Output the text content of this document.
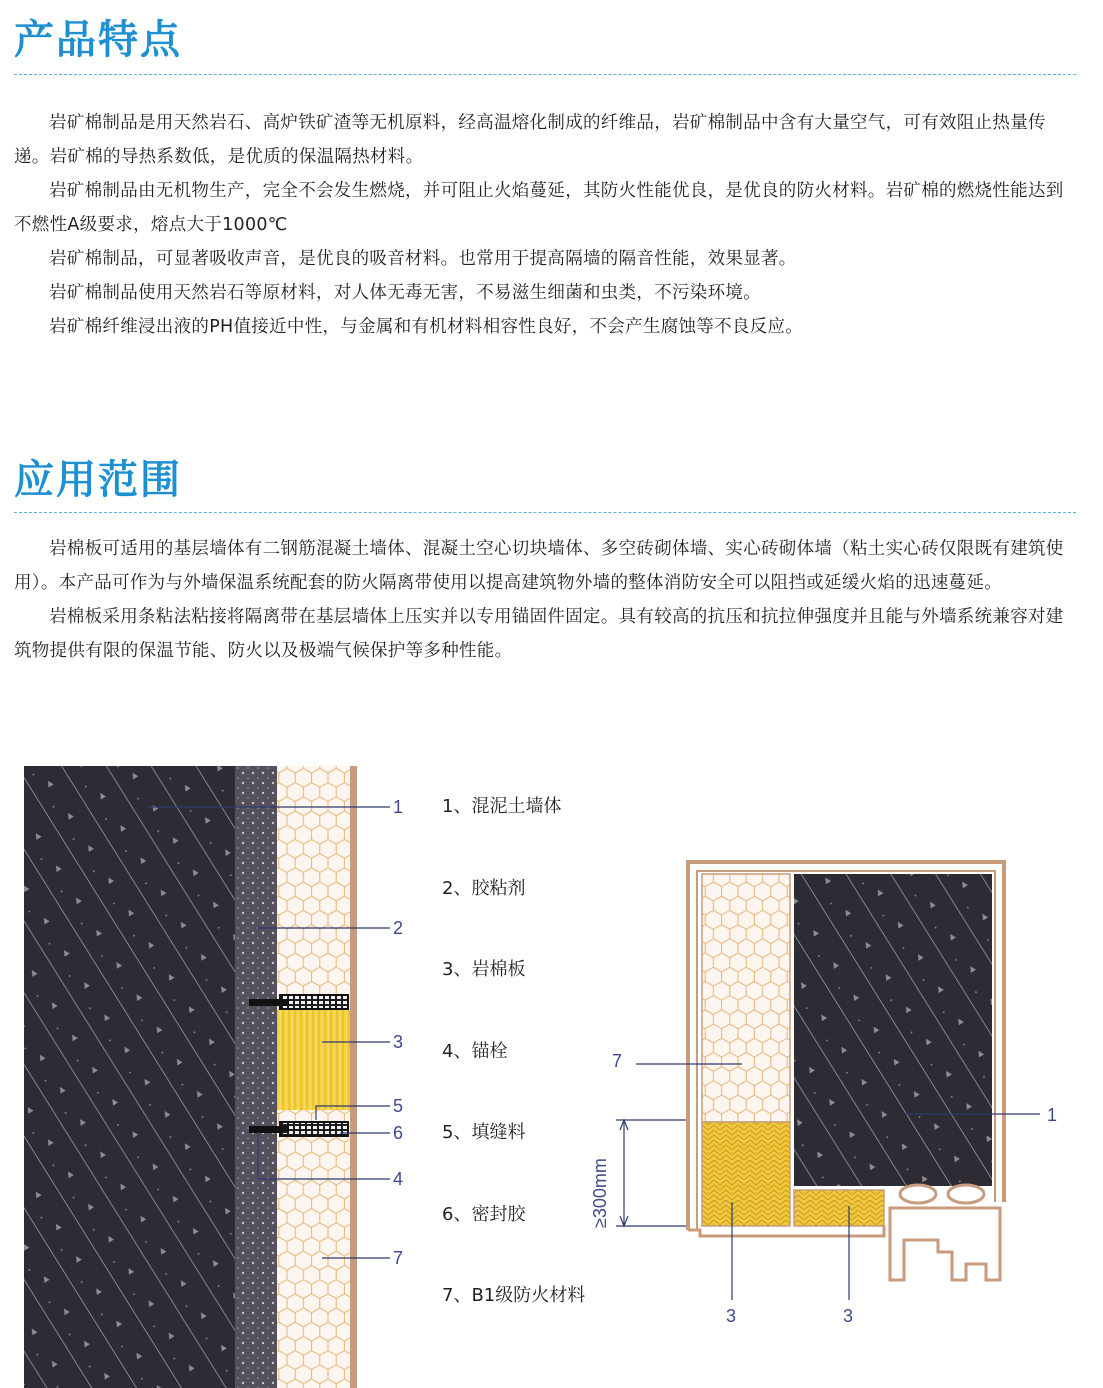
产品特点

岩矿棉制品是用天然岩石、高炉铁矿渣等无机原料，经高温熔化制成的纤维品，岩矿棉制品中含有大量空气，可有效阻止热量传递。岩矿棉的导热系数低，是优质的保温隔热材料。

岩矿棉制品由无机物生产，完全不会发生燃烧，并可阻止火焰蔓延，其防火性能优良，是优良的防火材料。岩矿棉的燃烧性能达到不燃性A级要求，熔点大于1000℃

岩矿棉制品，可显著吸收声音，是优良的吸音材料。也常用于提高隔墙的隔音性能，效果显著。

岩矿棉制品使用天然岩石等原材料，对人体无毒无害，不易滋生细菌和虫类，不污染环境。

岩矿棉纤维浸出液的PH值接近中性，与金属和有机材料相容性良好，不会产生腐蚀等不良反应。

应用范围

岩棉板可适用的基层墙体有二钢筋混凝土墙体、混凝土空心切块墙体、多空砖砌体墙、实心砖砌体墙（粘土实心砖仅限既有建筑使用）。本产品可作为与外墙保温系统配套的防火隔离带使用以提高建筑物外墙的整体消防安全可以阻挡或延缓火焰的迅速蔓延。

岩棉板采用条粘法粘接将隔离带在基层墙体上压实并以专用锚固件固定。具有较高的抗压和抗拉伸强度并且能与外墙系统兼容对建筑物提供有限的保温节能、防火以及极端气候保护等多种性能。

1、混泥土墙体
2、胶粘剂
3、岩棉板
4、锚栓
5、填缝料
6、密封胶
7、B1级防火材料
1
2
3
5
6
4
7
≥300mm
7
1
3	3
